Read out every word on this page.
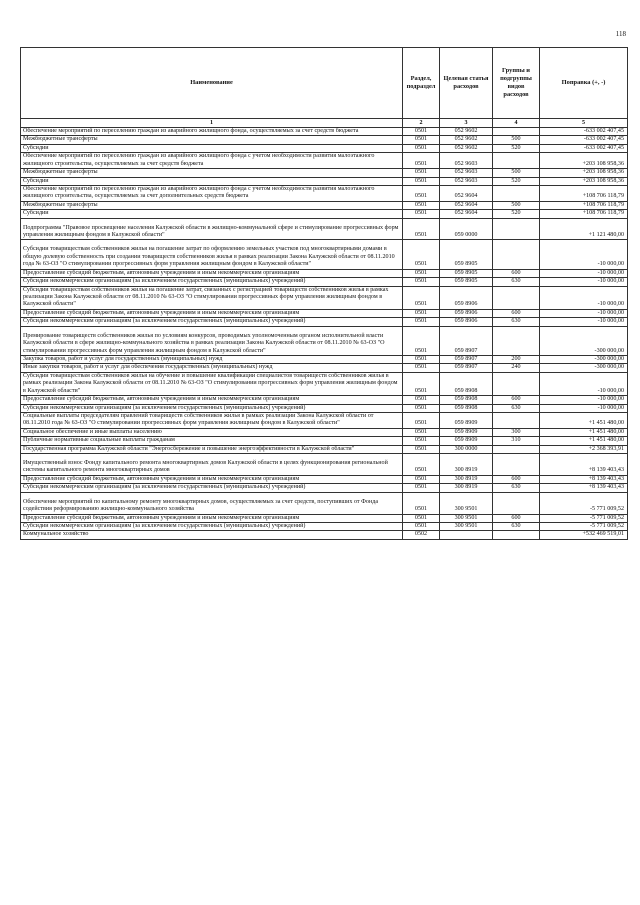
118
Наименование	Раздел, подраздел	Целевая статья расходов	Группы и подгруппы видов расходов	Поправка (+, -)
1	2	3	4	5
Обеспечение мероприятий по переселению граждан из аварийного жилищного фонда, осуществляемых за счет средств бюджета	0501	052 9602		-633 002 407,45
Межбюджетные трансферты	0501	052 9602	500	-633 002 407,45
Субсидии	0501	052 9602	520	-633 002 407,45
Обеспечение мероприятий по переселению граждан из аварийного жилищного фонда с учетом необходимости развития малоэтажного жилищного строительства, осуществляемых за счет средств бюджета	0501	052 9603		+203 108 958,36
Межбюджетные трансферты	0501	052 9603	500	+203 108 958,36
Субсидии	0501	052 9603	520	+203 108 958,36
Обеспечение мероприятий по переселению граждан из аварийного жилищного фонда с учетом необходимости развития малоэтажного жилищного строительства, осуществляемых за счет дополнительных средств бюджета	0501	052 9604		+108 706 118,79
Межбюджетные трансферты	0501	052 9604	500	+108 706 118,79
Субсидии	0501	052 9604	520	+108 706 118,79
Подпрограмма "Правовое просвещение населения Калужской области в жилищно-коммунальной сфере и стимулирование прогрессивных форм управления жилищным фондом в Калужской области"	0501	059 0000		+1 121 480,00
Субсидии товариществам собственников жилья на погашение затрат по оформлению земельных участков под многоквартирными домами в общую долевую собственность при создании товариществ собственников жилья в рамках реализации Закона Калужской области от 08.11.2010 года № 63-ОЗ "О стимулировании прогрессивных форм управления жилищным фондом в Калужской области"	0501	059 8905		-10 000,00
Предоставление субсидий бюджетным, автономным учреждениям и иным некоммерческим организациям	0501	059 8905	600	-10 000,00
Субсидии некоммерческим организациям (за исключением государственных (муниципальных) учреждений)	0501	059 8905	630	-10 000,00
Субсидии товариществам собственников жилья на погашение затрат, связанных с регистрацией товариществ собственников жилья в рамках реализации Закона Калужской области от 08.11.2010 № 63-ОЗ "О стимулировании прогрессивных форм управления жилищным фондом в Калужской области"	0501	059 8906		-10 000,00
Предоставление субсидий бюджетным, автономным учреждениям и иным некоммерческим организациям	0501	059 8906	600	-10 000,00
Субсидии некоммерческим организациям (за исключением государственных (муниципальных) учреждений)	0501	059 8906	630	-10 000,00
Премирование товариществ собственников жилья по условиям конкурсов, проводимых уполномоченным органом исполнительной власти Калужской области в сфере жилищно-коммунального хозяйства в рамках реализации Закона Калужской области от 08.11.2010 № 63-ОЗ "О стимулировании прогрессивных форм управления жилищным фондом в Калужской области"	0501	059 8907		-300 000,00
Закупка товаров, работ и услуг для государственных (муниципальных) нужд	0501	059 8907	200	-300 000,00
Иные закупки товаров, работ и услуг для обеспечения государственных (муниципальных) нужд	0501	059 8907	240	-300 000,00
Субсидии товариществам собственников жилья на обучение и повышение квалификации специалистов товариществ собственников жилья в рамках реализации Закона Калужской области от 08.11.2010 № 63-ОЗ "О стимулировании прогрессивных форм управления жилищным фондом в Калужской области"	0501	059 8908		-10 000,00
Предоставление субсидий бюджетным, автономным учреждениям и иным некоммерческим организациям	0501	059 8908	600	-10 000,00
Субсидии некоммерческим организациям (за исключением государственных (муниципальных) учреждений)	0501	059 8908	630	-10 000,00
Социальные выплаты председателям правлений товариществ собственников жилья в рамках реализации Закона Калужской области от 08.11.2010 года № 63-ОЗ "О стимулировании прогрессивных форм управления жилищным фондом в Калужской области"	0501	059 8909		+1 451 480,00
Социальное обеспечение и иные выплаты населению	0501	059 8909	300	+1 451 480,00
Публичные нормативные социальные выплаты гражданам	0501	059 8909	310	+1 451 480,00
Государственная программа Калужской области "Энергосбережение и повышение энергоэффективности в Калужской области"	0501	300 0000		+2 368 393,91
Имущественный взнос Фонду капитального ремонта многоквартирных домов Калужской области в целях функционирования региональной системы капитального ремонта многоквартирных домов	0501	300 8919		+8 139 403,43
Предоставление субсидий бюджетным, автономным учреждениям и иным некоммерческим организациям	0501	300 8919	600	+8 139 403,43
Субсидии некоммерческим организациям (за исключением государственных (муниципальных) учреждений)	0501	300 8919	630	+8 139 403,43
Обеспечение мероприятий по капитальному ремонту многоквартирных домов, осуществляемых за счет средств, поступивших от Фонда содействия реформированию жилищно-коммунального хозяйства	0501	300 9501		-5 771 009,52
Предоставление субсидий бюджетным, автономным учреждениям и иным некоммерческим организациям	0501	300 9501	600	-5 771 009,52
Субсидии некоммерческим организациям (за исключением государственных (муниципальных) учреждений)	0501	300 9501	630	-5 771 009,52
Коммунальное хозяйство	0502			+532 469 519,01
